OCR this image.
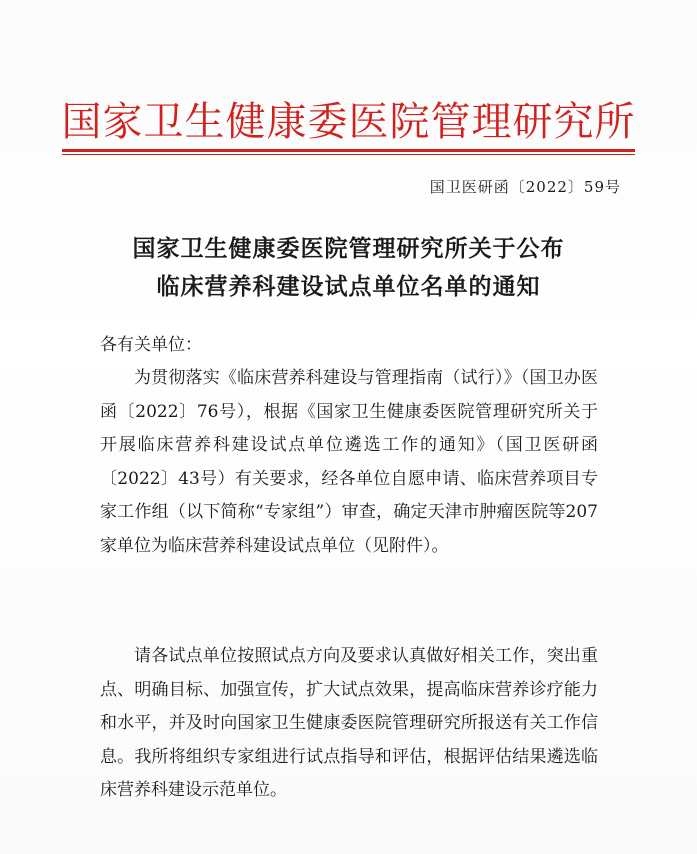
国家卫生健康委医院管理研究所
国卫医研函〔2022〕59号
国家卫生健康委医院管理研究所关于公布
临床营养科建设试点单位名单的通知
各有关单位：

为贯彻落实《临床营养科建设与管理指南（试行）》（国卫办医函〔2022〕76号），根据《国家卫生健康委医院管理研究所关于开展临床营养科建设试点单位遴选工作的通知》（国卫医研函〔2022〕43号）有关要求，经各单位自愿申请、临床营养项目专家工作组（以下简称“专家组”）审查，确定天津市肿瘤医院等207家单位为临床营养科建设试点单位（见附件）。

请各试点单位按照试点方向及要求认真做好相关工作，突出重点、明确目标、加强宣传，扩大试点效果，提高临床营养诊疗能力和水平，并及时向国家卫生健康委医院管理研究所报送有关工作信息。我所将组织专家组进行试点指导和评估，根据评估结果遴选临床营养科建设示范单位。
